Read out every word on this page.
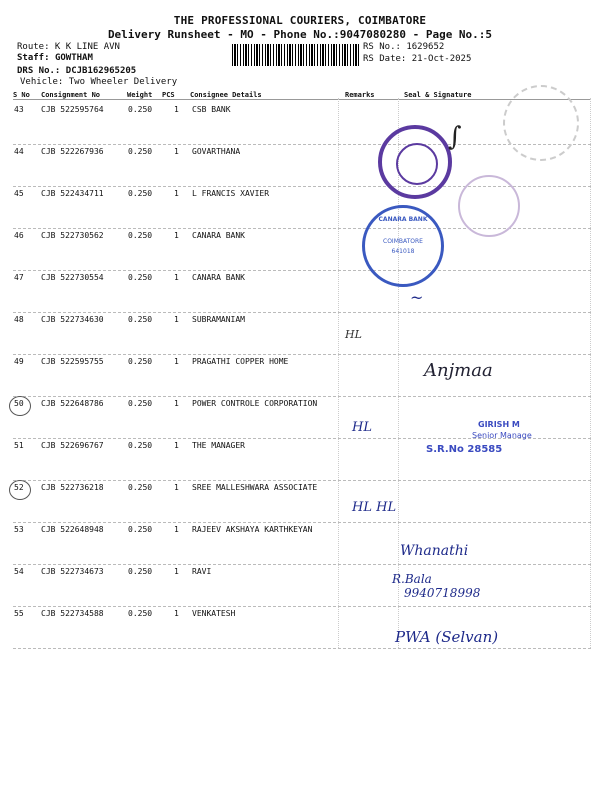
THE PROFESSIONAL COURIERS, COIMBATORE
Delivery Runsheet - MO - Phone No.:9047080280 - Page No.:5
Route: K K LINE AVN
Staff: GOWTHAM
DRS No.: DCJB162965205
Vehicle: Two Wheeler Delivery
RS No.: 1629652
RS Date: 21-Oct-2025
S No Consignment No	Weight PCS Consignee Details	Remarks	Seal & Signature
43 CJB 522595764	0.250	1 CSB BANK
44 CJB 522267936	0.250	1 GOVARTHANA
45 CJB 522434711	0.250	1 L FRANCIS XAVIER
46 CJB 522730562	0.250	1 CANARA BANK
47 CJB 522730554	0.250	1 CANARA BANK
48 CJB 522734630	0.250	1 SUBRAMANIAM
49 CJB 522595755	0.250	1 PRAGATHI COPPER HOME
50 CJB 522648786	0.250	1 POWER CONTROLE CORPORATION
51 CJB 522696767	0.250	1 THE MANAGER
52 CJB 522736218	0.250	1 SREE MALLESHWARA ASSOCIATE
53 CJB 522648948	0.250	1 RAJEEV AKSHAYA KARTHKEYAN
54 CJB 522734673	0.250	1 RAVI
55 CJB 522734588	0.250	1 VENKATESH
CANARA BANK
COIMBATORE
641018
GIRISH M
Senior Manage
S.R.No 28585
∫
~
HL
Anjmaa
HL
HL HL
Whanathi
R.Bala
9940718998
PWA (Selvan)
